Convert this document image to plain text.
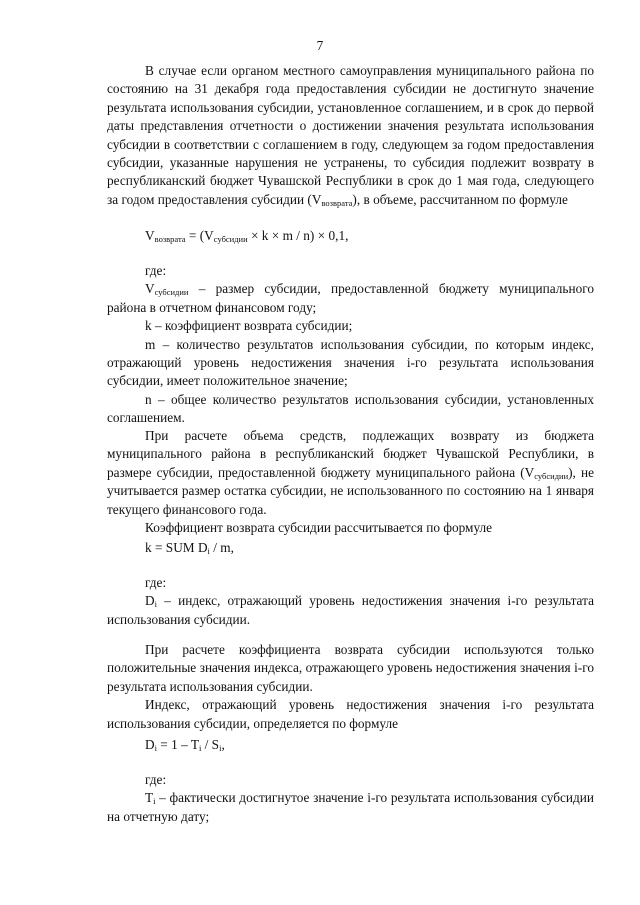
7

В случае если органом местного самоуправления муниципального района по состоянию на 31 декабря года предоставления субсидии не достигнуто значение результата использования субсидии, установленное соглашением, и в срок до первой даты представления отчетности о достижении значения результата использования субсидии в соответствии с соглашением в году, следующем за годом предоставления субсидии, указанные нарушения не устранены, то субсидия подлежит возврату в республиканский бюджет Чувашской Республики в срок до 1 мая года, следующего за годом предоставления субсидии $(V_{возврата})$, в объеме, рассчитанном по формуле

$V_{возврата} = (V_{субсидии} \times k \times m / n) \times 0,1$,

где:

$V_{субсидии}$ – размер субсидии, предоставленной бюджету муниципального района в отчетном финансовом году;

k – коэффициент возврата субсидии;

m – количество результатов использования субсидии, по которым индекс, отражающий уровень недостижения значения i-го результата использования субсидии, имеет положительное значение;

n – общее количество результатов использования субсидии, установленных соглашением.

При расчете объема средств, подлежащих возврату из бюджета муниципального района в республиканский бюджет Чувашской Республики, в размере субсидии, предоставленной бюджету муниципального района $(V_{субсидии})$, не учитывается размер остатка субсидии, не использованного по состоянию на 1 января текущего финансового года.

Коэффициент возврата субсидии рассчитывается по формуле

k = SUM $D_i$ / m,

где:

$D_i$ – индекс, отражающий уровень недостижения значения i-го результата использования субсидии.

При расчете коэффициента возврата субсидии используются только положительные значения индекса, отражающего уровень недостижения значения i-го результата использования субсидии.

Индекс, отражающий уровень недостижения значения i-го результата использования субсидии, определяется по формуле

$D_i = 1 - T_i / S_i$,

где:

$T_i$ – фактически достигнутое значение i-го результата использования субсидии на отчетную дату;
